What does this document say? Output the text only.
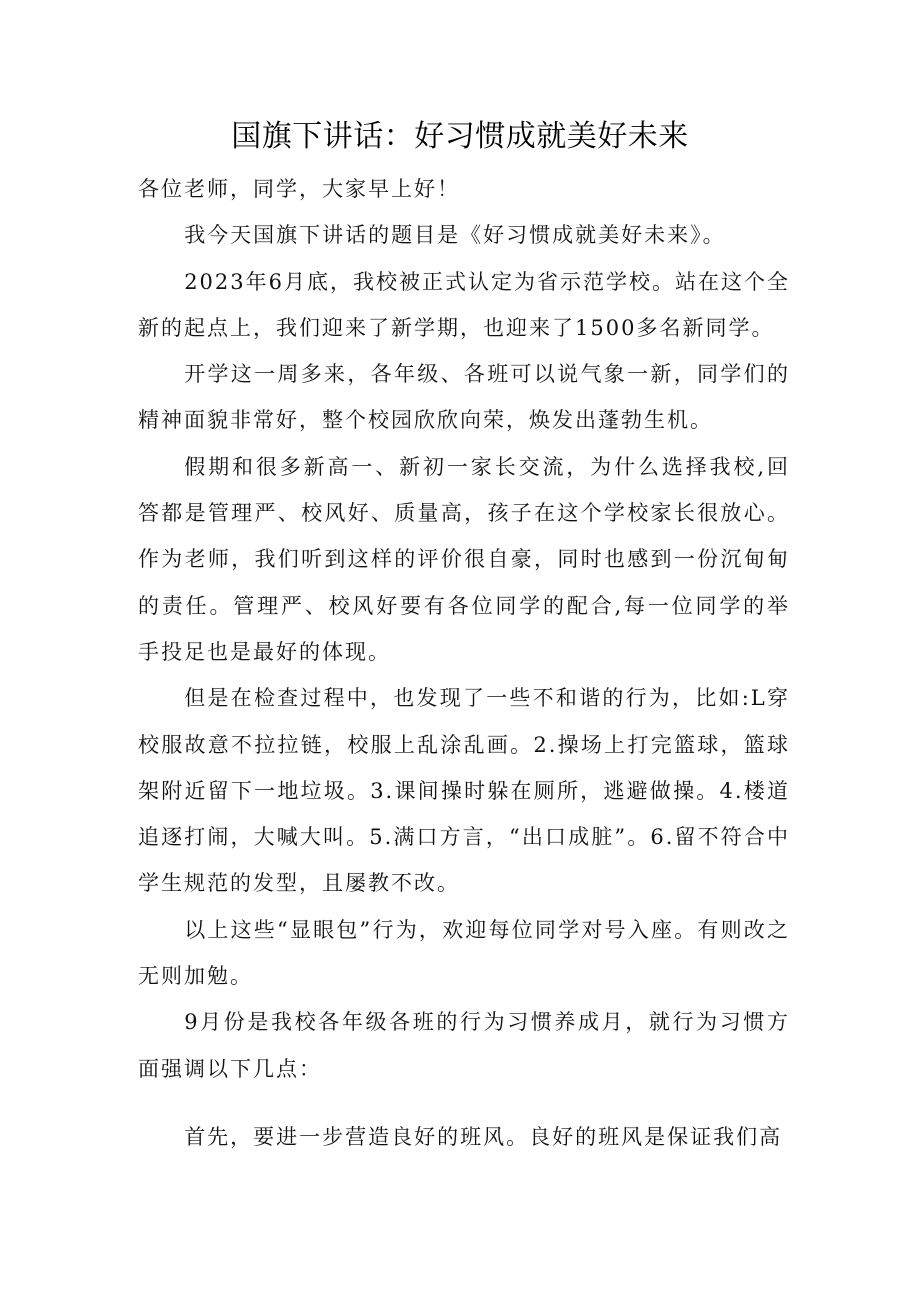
国旗下讲话：好习惯成就美好未来

各位老师，同学，大家早上好！

我今天国旗下讲话的题目是《好习惯成就美好未来》。

2023年6月底，我校被正式认定为省示范学校。站在这个全新的起点上，我们迎来了新学期，也迎来了1500多名新同学。

开学这一周多来，各年级、各班可以说气象一新，同学们的精神面貌非常好，整个校园欣欣向荣，焕发出蓬勃生机。

假期和很多新高一、新初一家长交流，为什么选择我校,回答都是管理严、校风好、质量高，孩子在这个学校家长很放心。作为老师，我们听到这样的评价很自豪，同时也感到一份沉甸甸的责任。管理严、校风好要有各位同学的配合,每一位同学的举手投足也是最好的体现。

但是在检查过程中，也发现了一些不和谐的行为，比如:L穿校服故意不拉拉链，校服上乱涂乱画。2.操场上打完篮球，篮球架附近留下一地垃圾。3.课间操时躲在厕所，逃避做操。4.楼道追逐打闹，大喊大叫。5.满口方言，“出口成脏”。6.留不符合中学生规范的发型，且屡教不改。

以上这些“显眼包”行为，欢迎每位同学对号入座。有则改之无则加勉。

9月份是我校各年级各班的行为习惯养成月，就行为习惯方面强调以下几点：

首先，要进一步营造良好的班风。良好的班风是保证我们高
